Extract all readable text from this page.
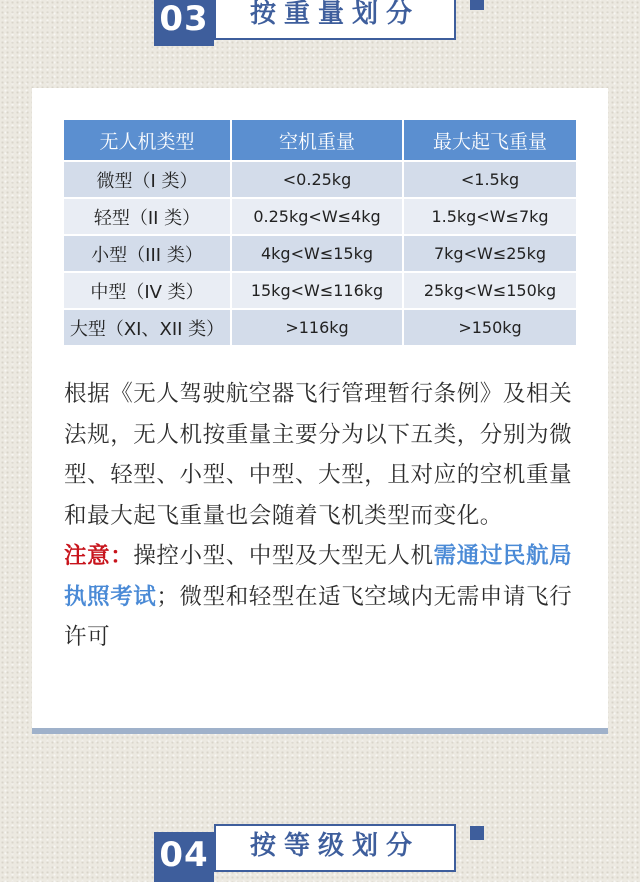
03	按重量划分
无人机类型	空机重量	最大起飞重量
微型（I 类）	<0.25kg	<1.5kg
轻型（II 类）	0.25kg<W≤4kg	1.5kg<W≤7kg
小型（III 类）	4kg<W≤15kg	7kg<W≤25kg
中型（IV 类）	15kg<W≤116kg	25kg<W≤150kg
大型（XI、XII 类）	>116kg	>150kg

根据《无人驾驶航空器飞行管理暂行条例》及相关法规，无人机按重量主要分为以下五类，分别为微型、轻型、小型、中型、大型，且对应的空机重量和最大起飞重量也会随着飞机类型而变化。
注意：操控小型、中型及大型无人机需通过民航局执照考试；微型和轻型在适飞空域内无需申请飞行许可

04	按等级划分
